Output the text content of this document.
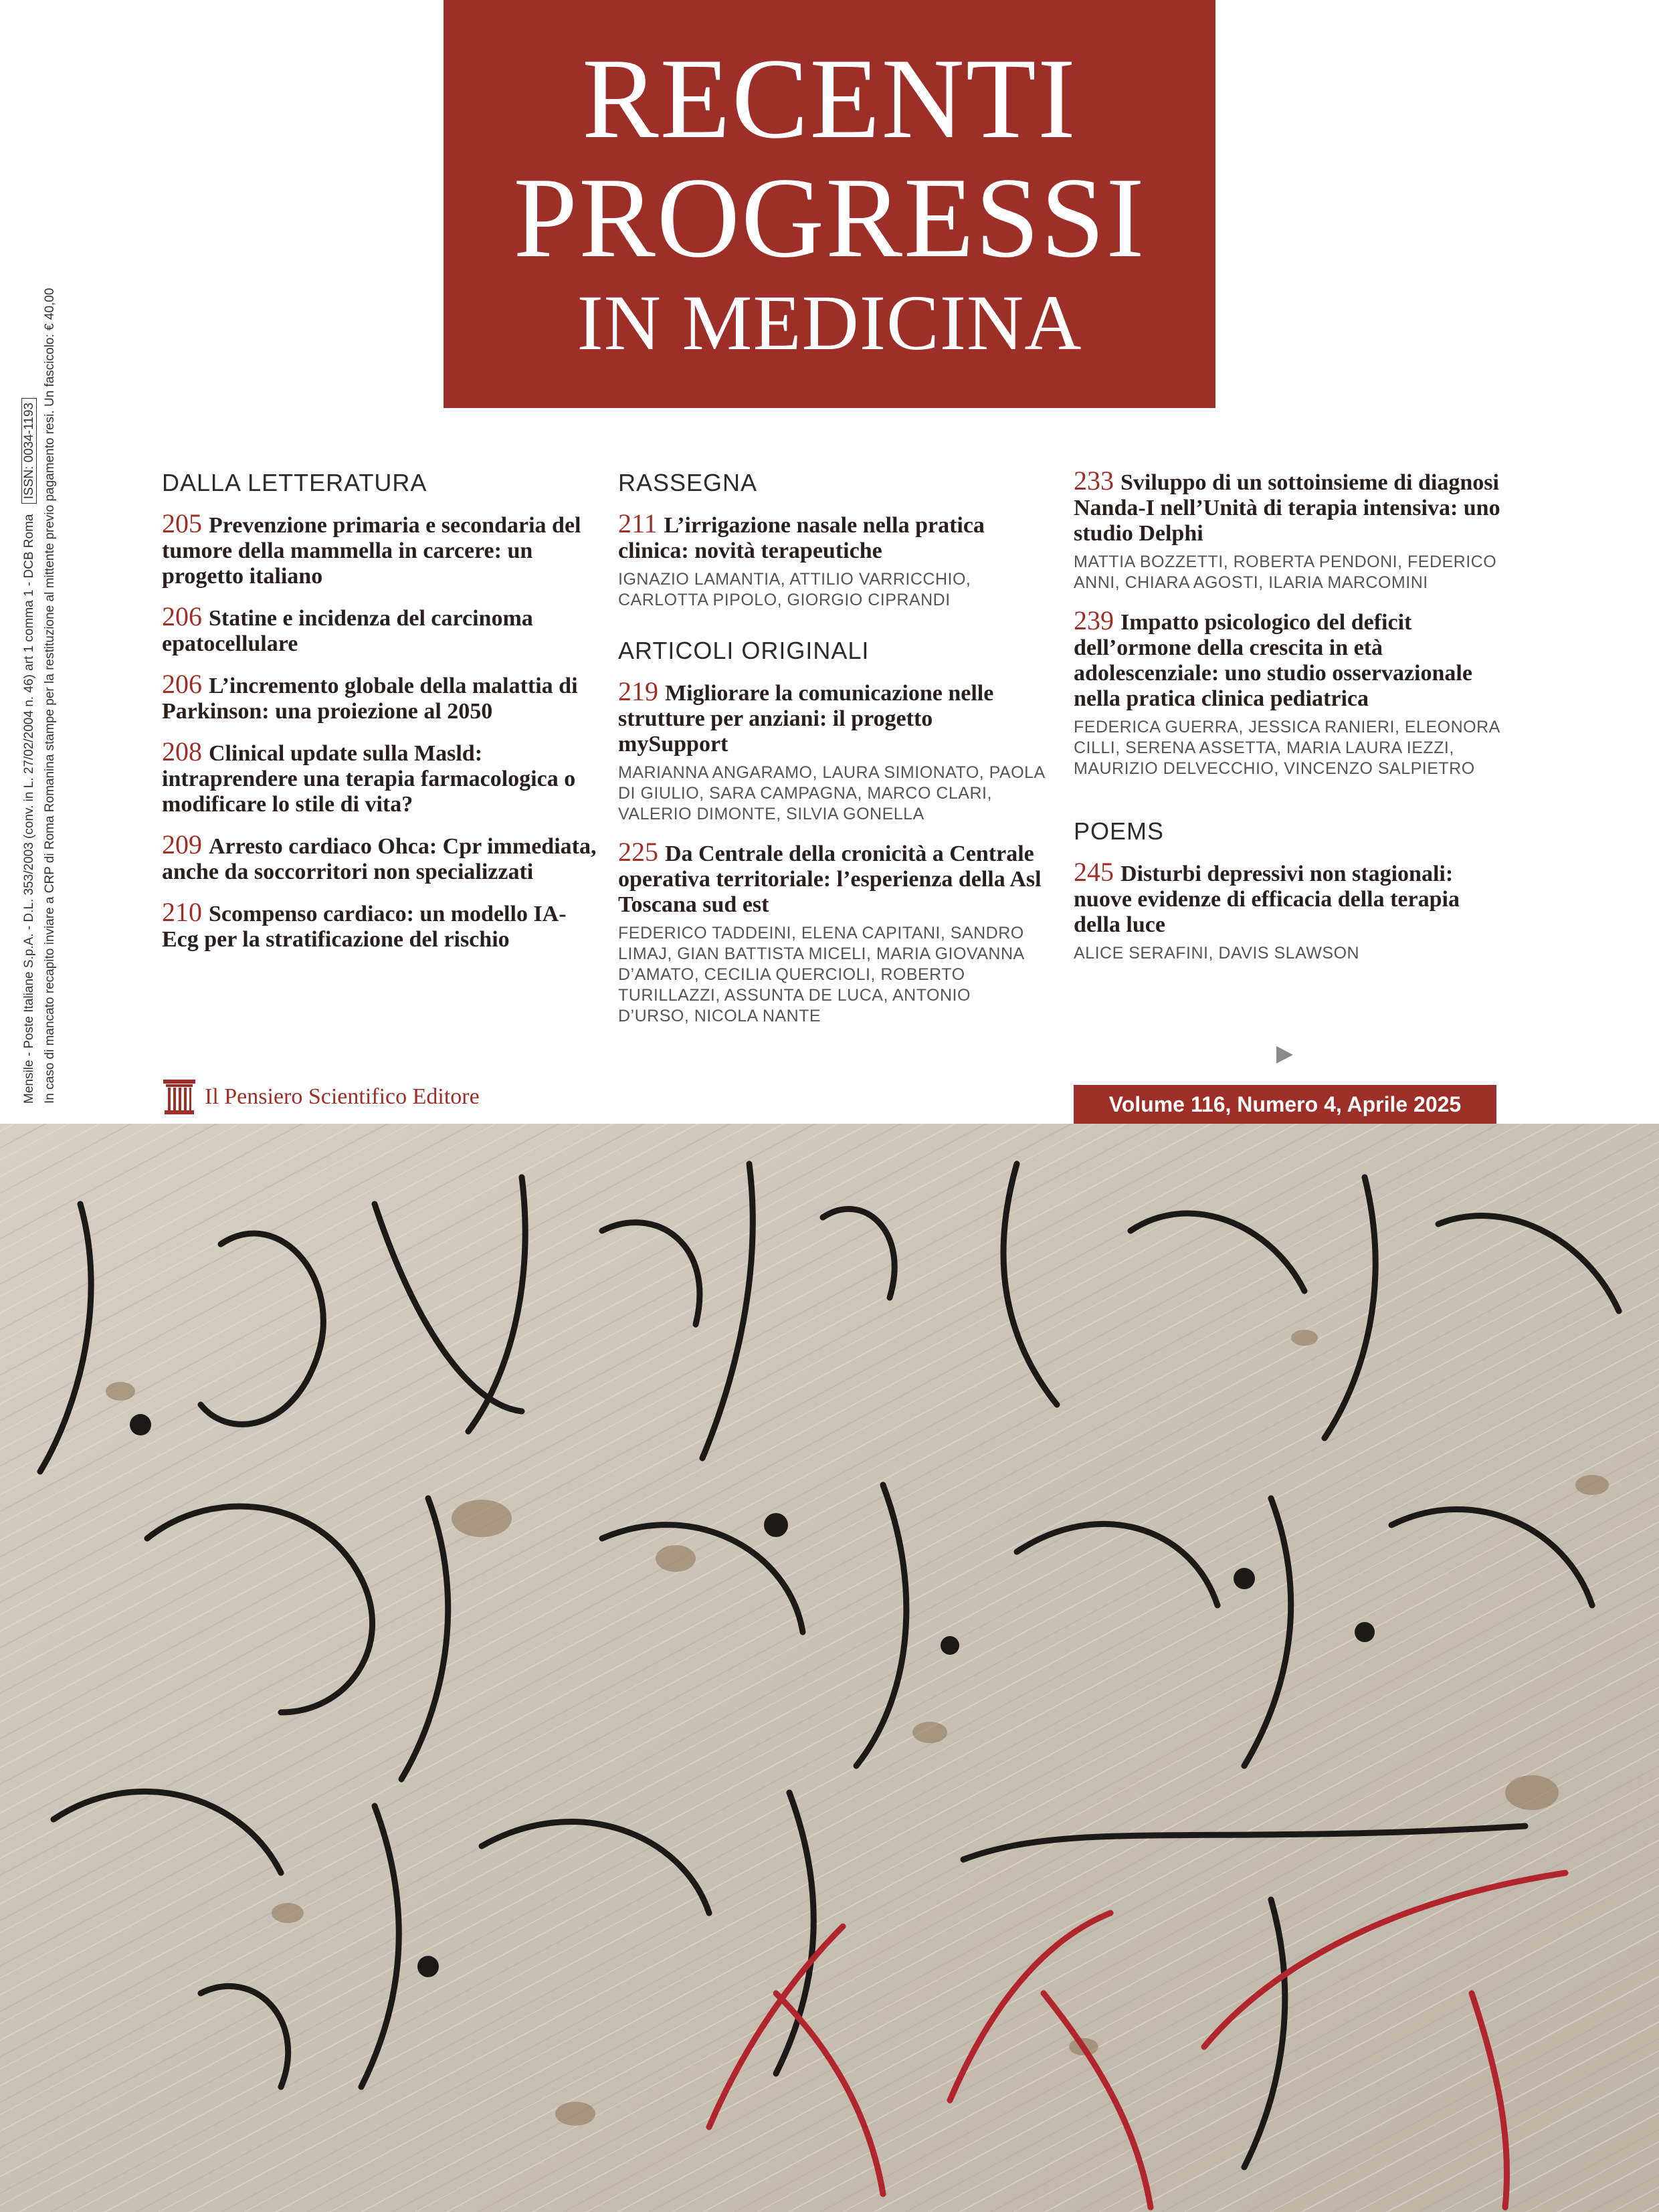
RECENTI
PROGRESSI
IN MEDICINA
Mensile - Poste Italiane S.p.A. - D.L. 353/2003 (conv. in L. 27/02/2004 n. 46) art 1 comma 1 - DCB Roma ISSN: 0034-1193 In caso di mancato recapito inviare a CRP di Roma Romanina stampe per la restituzione al mittente previo pagamento resi. Un fascicolo: € 40,00	DALLA LETTERATURA
205 Prevenzione primaria e secondaria del tumore della mammella in carcere: un progetto italiano
206 Statine e incidenza del carcinoma epatocellulare
206 L’incremento globale della malattia di Parkinson: una proiezione al 2050
208 Clinical update sulla Masld: intraprendere una terapia farmacologica o modificare lo stile di vita?
209 Arresto cardiaco Ohca: Cpr immediata, anche da soccorritori non specializzati
210 Scompenso cardiaco: un modello IA-Ecg per la stratificazione del rischio
RASSEGNA
211 L’irrigazione nasale nella pratica clinica: novità terapeutiche
IGNAZIO LAMANTIA, ATTILIO VARRICCHIO, CARLOTTA PIPOLO, GIORGIO CIPRANDI
ARTICOLI ORIGINALI
219 Migliorare la comunicazione nelle strutture per anziani: il progetto mySupport
MARIANNA ANGARAMO, LAURA SIMIONATO, PAOLA DI GIULIO, SARA CAMPAGNA, MARCO CLARI, VALERIO DIMONTE, SILVIA GONELLA
225 Da Centrale della cronicità a Centrale operativa territoriale: l’esperienza della Asl Toscana sud est
FEDERICO TADDEINI, ELENA CAPITANI, SANDRO LIMAJ, GIAN BATTISTA MICELI, MARIA GIOVANNA D’AMATO, CECILIA QUERCIOLI, ROBERTO TURILLAZZI, ASSUNTA DE LUCA, ANTONIO D’URSO, NICOLA NANTE
233 Sviluppo di un sottoinsieme di diagnosi Nanda-I nell’Unità di terapia intensiva: uno studio Delphi
MATTIA BOZZETTI, ROBERTA PENDONI, FEDERICO ANNI, CHIARA AGOSTI, ILARIA MARCOMINI
239 Impatto psicologico del deficit dell’ormone della crescita in età adolescenziale: uno studio osservazionale nella pratica clinica pediatrica
FEDERICA GUERRA, JESSICA RANIERI, ELEONORA CILLI, SERENA ASSETTA, MARIA LAURA IEZZI, MAURIZIO DELVECCHIO, VINCENZO SALPIETRO
POEMS
245 Disturbi depressivi non stagionali: nuove evidenze di efficacia della terapia della luce
ALICE SERAFINI, DAVIS SLAWSON
Il Pensiero Scientifico Editore	Volume 116, Numero 4, Aprile 2025
